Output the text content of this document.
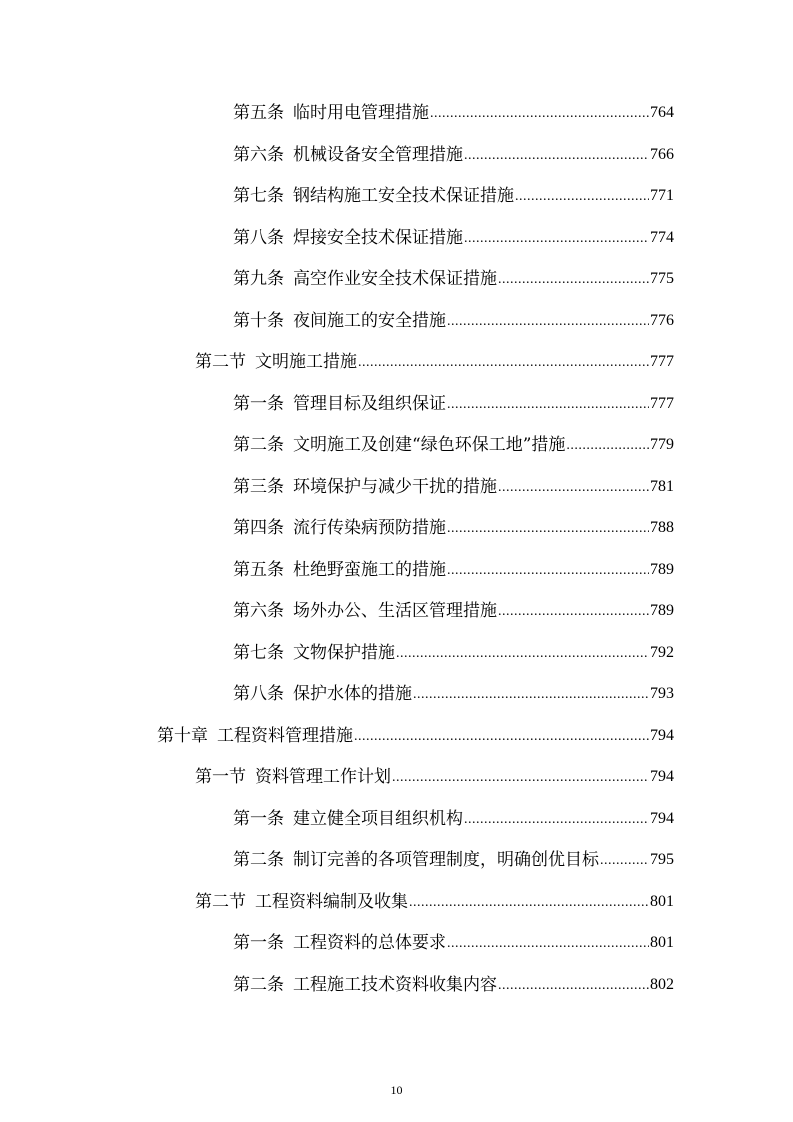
第五条 临时用电管理措施 .....	764
第六条 机械设备安全管理措施 .....	766
第七条 钢结构施工安全技术保证措施 .....	771
第八条 焊接安全技术保证措施 .....	774
第九条 高空作业安全技术保证措施 .....	775
第十条 夜间施工的安全措施 .....	776
第二节 文明施工措施 .....	777
第一条 管理目标及组织保证 .....	777
第二条 文明施工及创建“绿色环保工地”措施 .....	779
第三条 环境保护与减少干扰的措施 .....	781
第四条 流行传染病预防措施 .....	788
第五条 杜绝野蛮施工的措施 .....	789
第六条 场外办公、生活区管理措施 .....	789
第七条 文物保护措施 .....	792
第八条 保护水体的措施 .....	793
第十章 工程资料管理措施 .....	794
第一节 资料管理工作计划 .....	794
第一条 建立健全项目组织机构 .....	794
第二条 制订完善的各项管理制度，明确创优目标 .....	795
第二节 工程资料编制及收集 .....	801
第一条 工程资料的总体要求 .....	801
第二条 工程施工技术资料收集内容 .....	802
10
